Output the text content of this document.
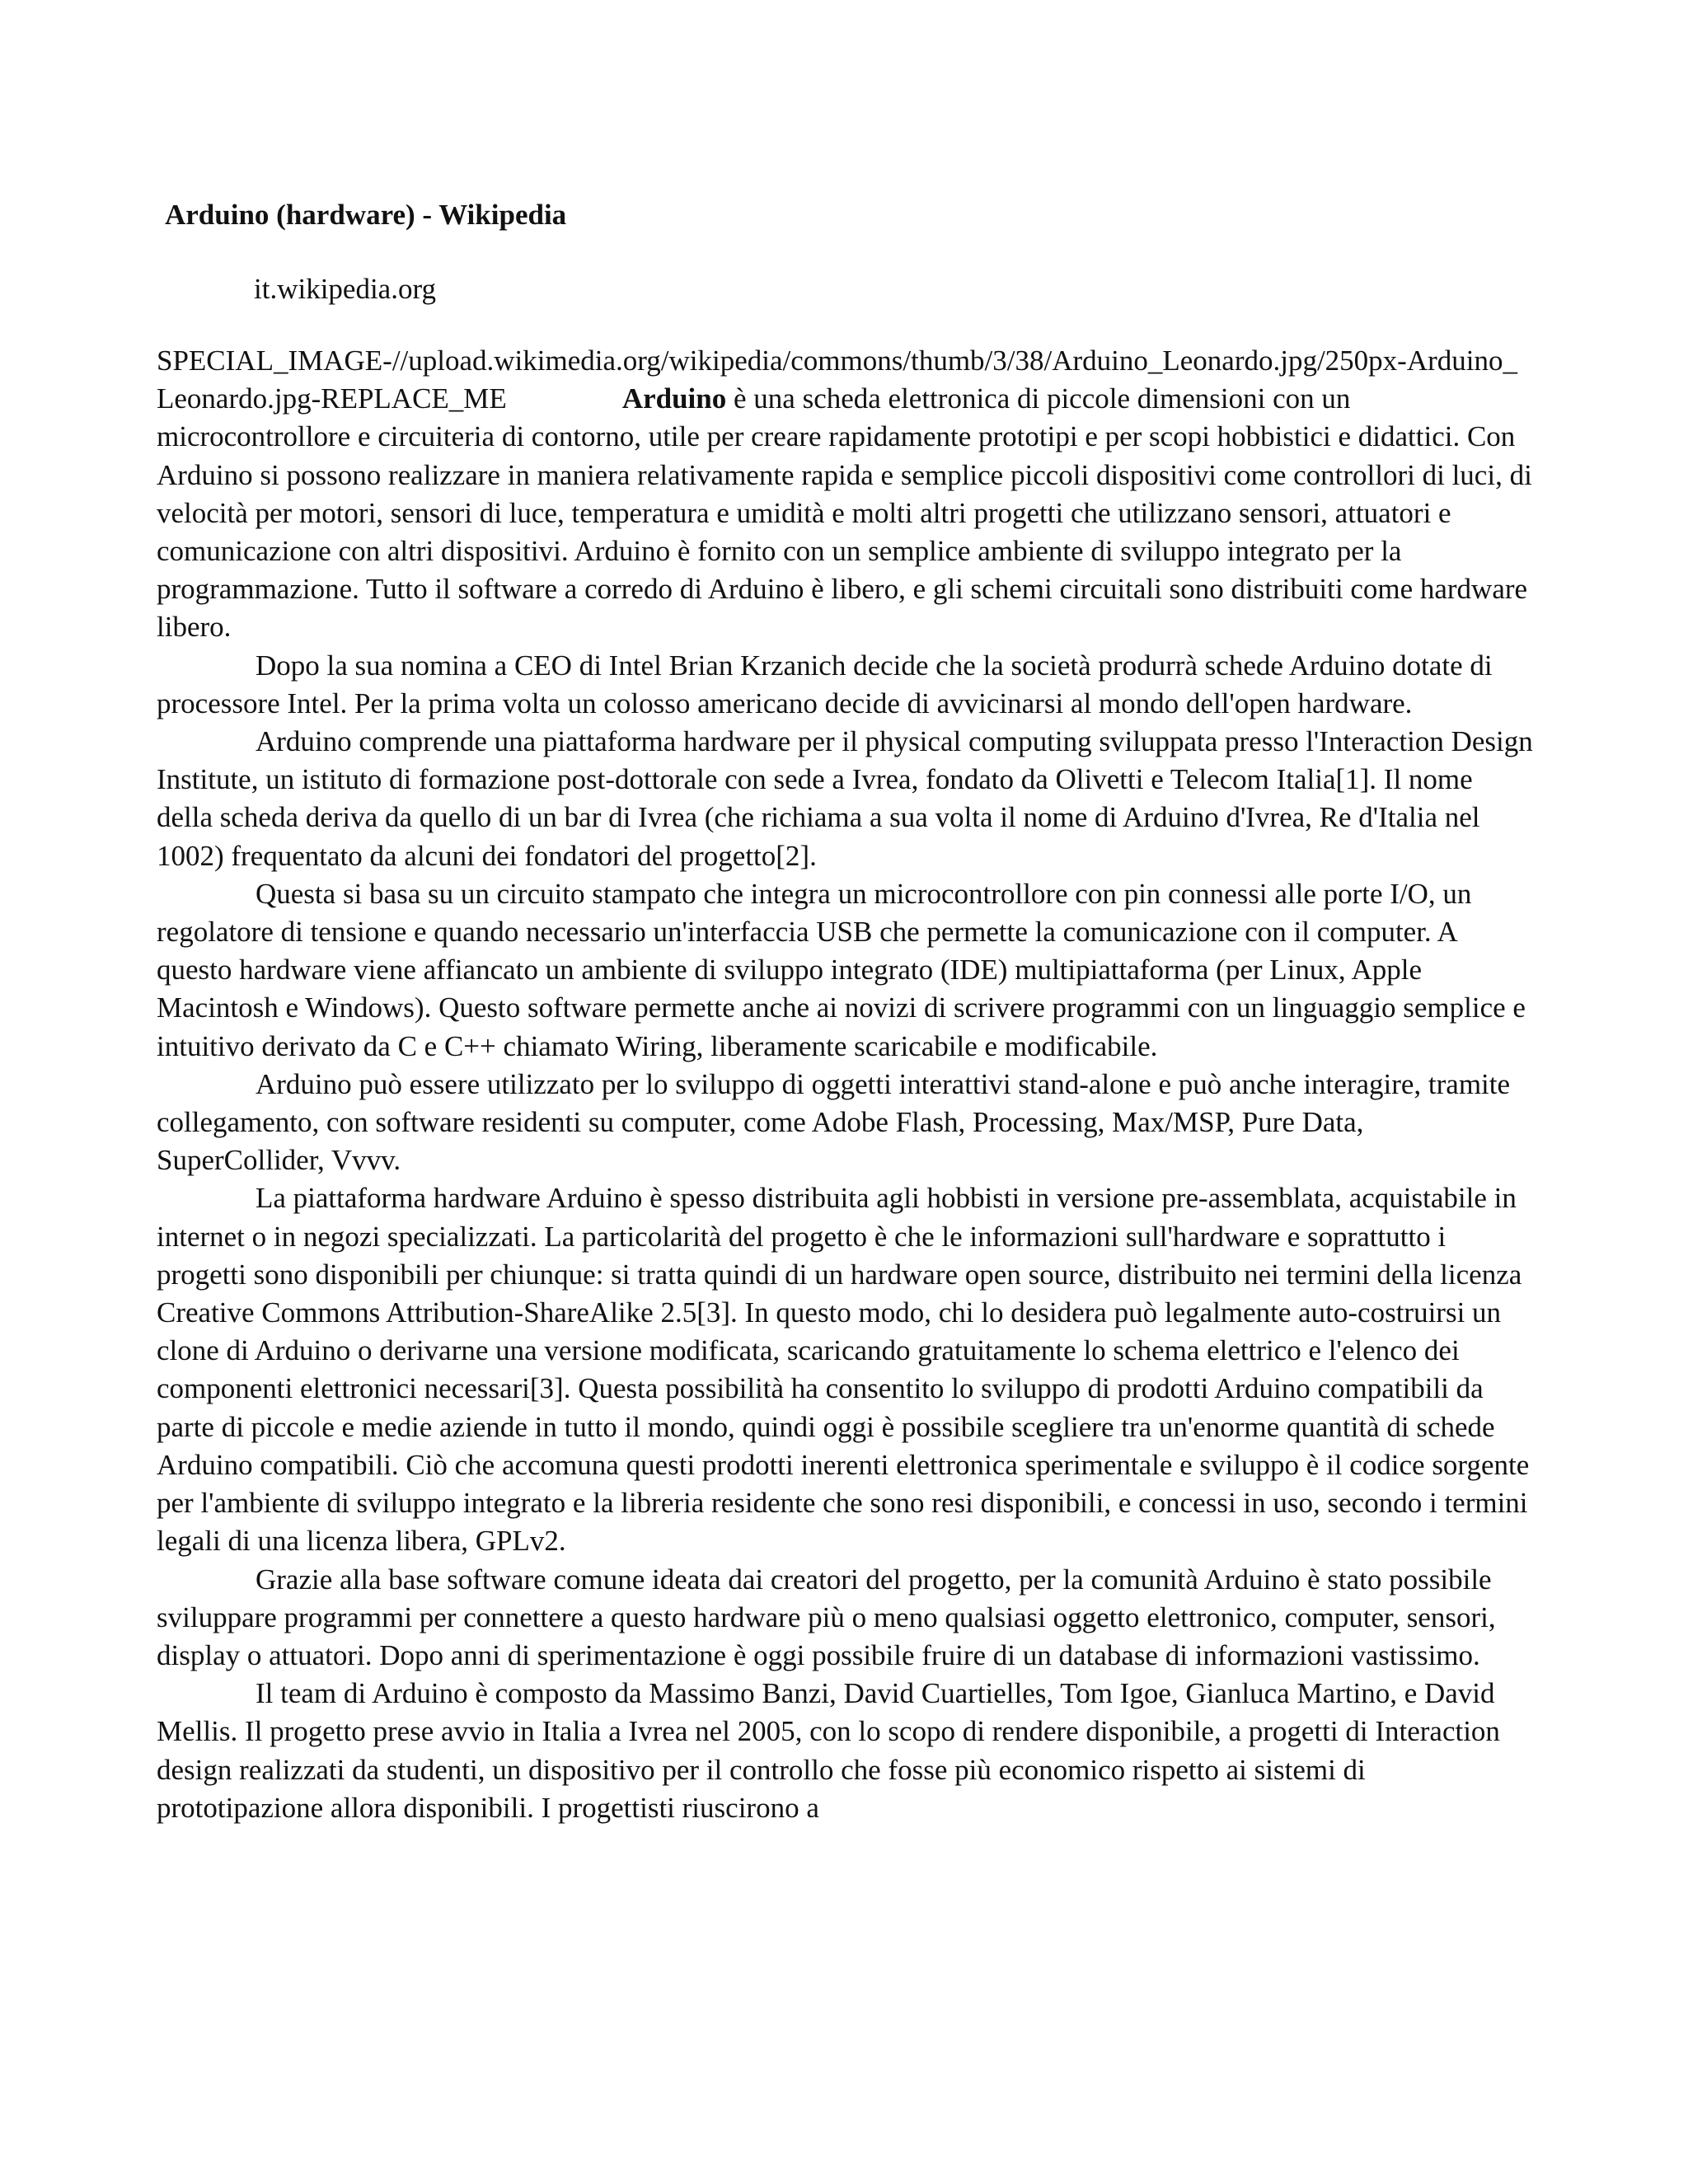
Arduino (hardware) - Wikipedia

it.wikipedia.org

SPECIAL_IMAGE-//upload.wikimedia.org/wikipedia/commons/thumb/3/38/Arduino_Leonardo.jpg/250px-Arduino_Leonardo.jpg-REPLACE_ME	Arduino è una scheda elettronica di piccole dimensioni con un microcontrollore e circuiteria di contorno, utile per creare rapidamente prototipi e per scopi hobbistici e didattici. Con Arduino si possono realizzare in maniera relativamente rapida e semplice piccoli dispositivi come controllori di luci, di velocità per motori, sensori di luce, temperatura e umidità e molti altri progetti che utilizzano sensori, attuatori e comunicazione con altri dispositivi. Arduino è fornito con un semplice ambiente di sviluppo integrato per la programmazione. Tutto il software a corredo di Arduino è libero, e gli schemi circuitali sono distribuiti come hardware libero.

Dopo la sua nomina a CEO di Intel Brian Krzanich decide che la società produrrà schede Arduino dotate di processore Intel. Per la prima volta un colosso americano decide di avvicinarsi al mondo dell'open hardware.

Arduino comprende una piattaforma hardware per il physical computing sviluppata presso l'Interaction Design Institute, un istituto di formazione post-dottorale con sede a Ivrea, fondato da Olivetti e Telecom Italia[1]. Il nome della scheda deriva da quello di un bar di Ivrea (che richiama a sua volta il nome di Arduino d'Ivrea, Re d'Italia nel 1002) frequentato da alcuni dei fondatori del progetto[2].

Questa si basa su un circuito stampato che integra un microcontrollore con pin connessi alle porte I/O, un regolatore di tensione e quando necessario un'interfaccia USB che permette la comunicazione con il computer. A questo hardware viene affiancato un ambiente di sviluppo integrato (IDE) multipiattaforma (per Linux, Apple Macintosh e Windows). Questo software permette anche ai novizi di scrivere programmi con un linguaggio semplice e intuitivo derivato da C e C++ chiamato Wiring, liberamente scaricabile e modificabile.

Arduino può essere utilizzato per lo sviluppo di oggetti interattivi stand-alone e può anche interagire, tramite collegamento, con software residenti su computer, come Adobe Flash, Processing, Max/MSP, Pure Data, SuperCollider, Vvvv.

La piattaforma hardware Arduino è spesso distribuita agli hobbisti in versione pre-assemblata, acquistabile in internet o in negozi specializzati. La particolarità del progetto è che le informazioni sull'hardware e soprattutto i progetti sono disponibili per chiunque: si tratta quindi di un hardware open source, distribuito nei termini della licenza Creative Commons Attribution-ShareAlike 2.5[3]. In questo modo, chi lo desidera può legalmente auto-costruirsi un clone di Arduino o derivarne una versione modificata, scaricando gratuitamente lo schema elettrico e l'elenco dei componenti elettronici necessari[3]. Questa possibilità ha consentito lo sviluppo di prodotti Arduino compatibili da parte di piccole e medie aziende in tutto il mondo, quindi oggi è possibile scegliere tra un'enorme quantità di schede Arduino compatibili. Ciò che accomuna questi prodotti inerenti elettronica sperimentale e sviluppo è il codice sorgente per l'ambiente di sviluppo integrato e la libreria residente che sono resi disponibili, e concessi in uso, secondo i termini legali di una licenza libera, GPLv2.

Grazie alla base software comune ideata dai creatori del progetto, per la comunità Arduino è stato possibile sviluppare programmi per connettere a questo hardware più o meno qualsiasi oggetto elettronico, computer, sensori, display o attuatori. Dopo anni di sperimentazione è oggi possibile fruire di un database di informazioni vastissimo.

Il team di Arduino è composto da Massimo Banzi, David Cuartielles, Tom Igoe, Gianluca Martino, e David Mellis. Il progetto prese avvio in Italia a Ivrea nel 2005, con lo scopo di rendere disponibile, a progetti di Interaction design realizzati da studenti, un dispositivo per il controllo che fosse più economico rispetto ai sistemi di prototipazione allora disponibili. I progettisti riuscirono a
